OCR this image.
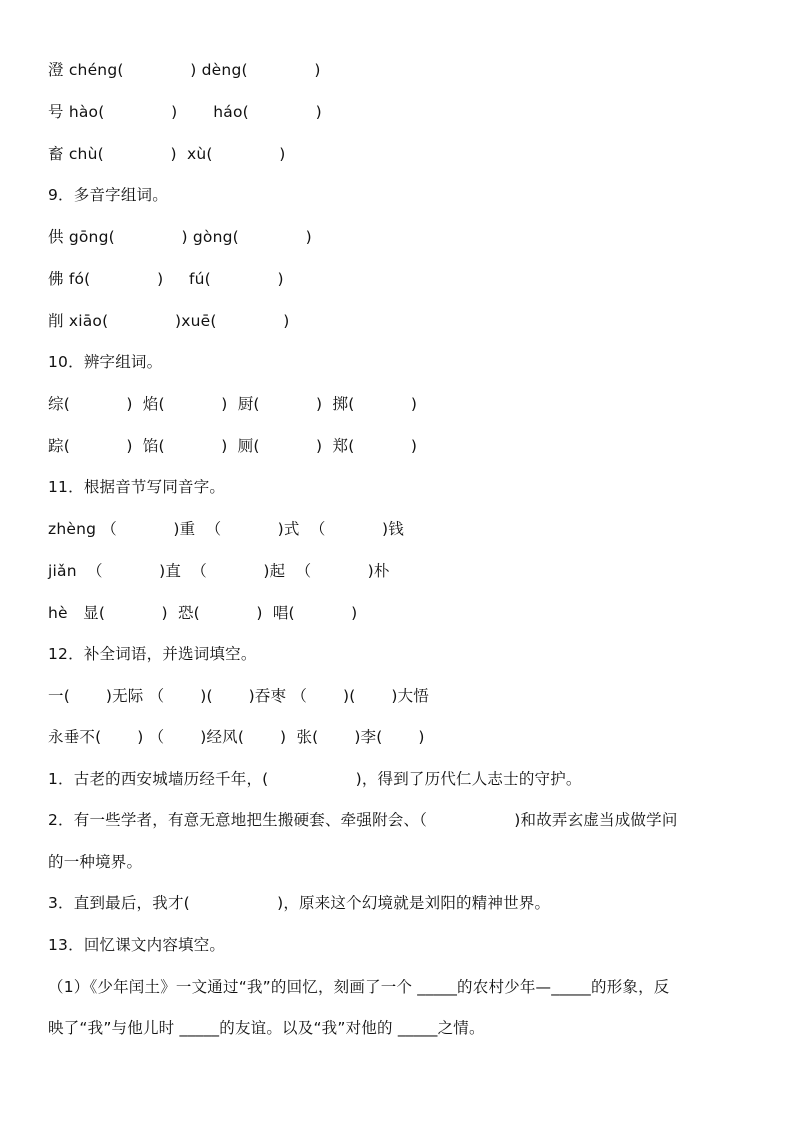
澄 chéng(             ) dèng(             )
号 hào(             )       háo(             )
畜 chù(             )  xù(             )
9．多音字组词。
供 gōng(             ) gòng(             )
佛 fó(             )     fú(             )
削 xiāo(             )xuē(             )
10．辨字组词。
综(           )  焰(           )  厨(           )  掷(           )
踪(           )  馅(           )  厕(           )  郑(           )
11．根据音节写同音字。
zhèng （           )重  （           )式  （           )钱
jiǎn  （           )直  （           )起  （           )朴
hè   显(           )  恐(           )  唱(           )
12．补全词语，并选词填空。
一(       )无际 （       )(       )吞枣 （       )(       )大悟
永垂不(       ) （       )经风(       )  张(       )李(       )
1．古老的西安城墙历经千年，(                 )，得到了历代仁人志士的守护。
2．有一些学者，有意无意地把生搬硬套、牵强附会、（                 )和故弄玄虚当成做学问
的一种境界。
3．直到最后，我才(                 )，原来这个幻境就是刘阳的精神世界。
13．回忆课文内容填空。
（1）《少年闰土》一文通过“我”的回忆，刻画了一个 _____的农村少年—_____的形象，反
映了“我”与他儿时 _____的友谊。以及“我”对他的 _____之情。
